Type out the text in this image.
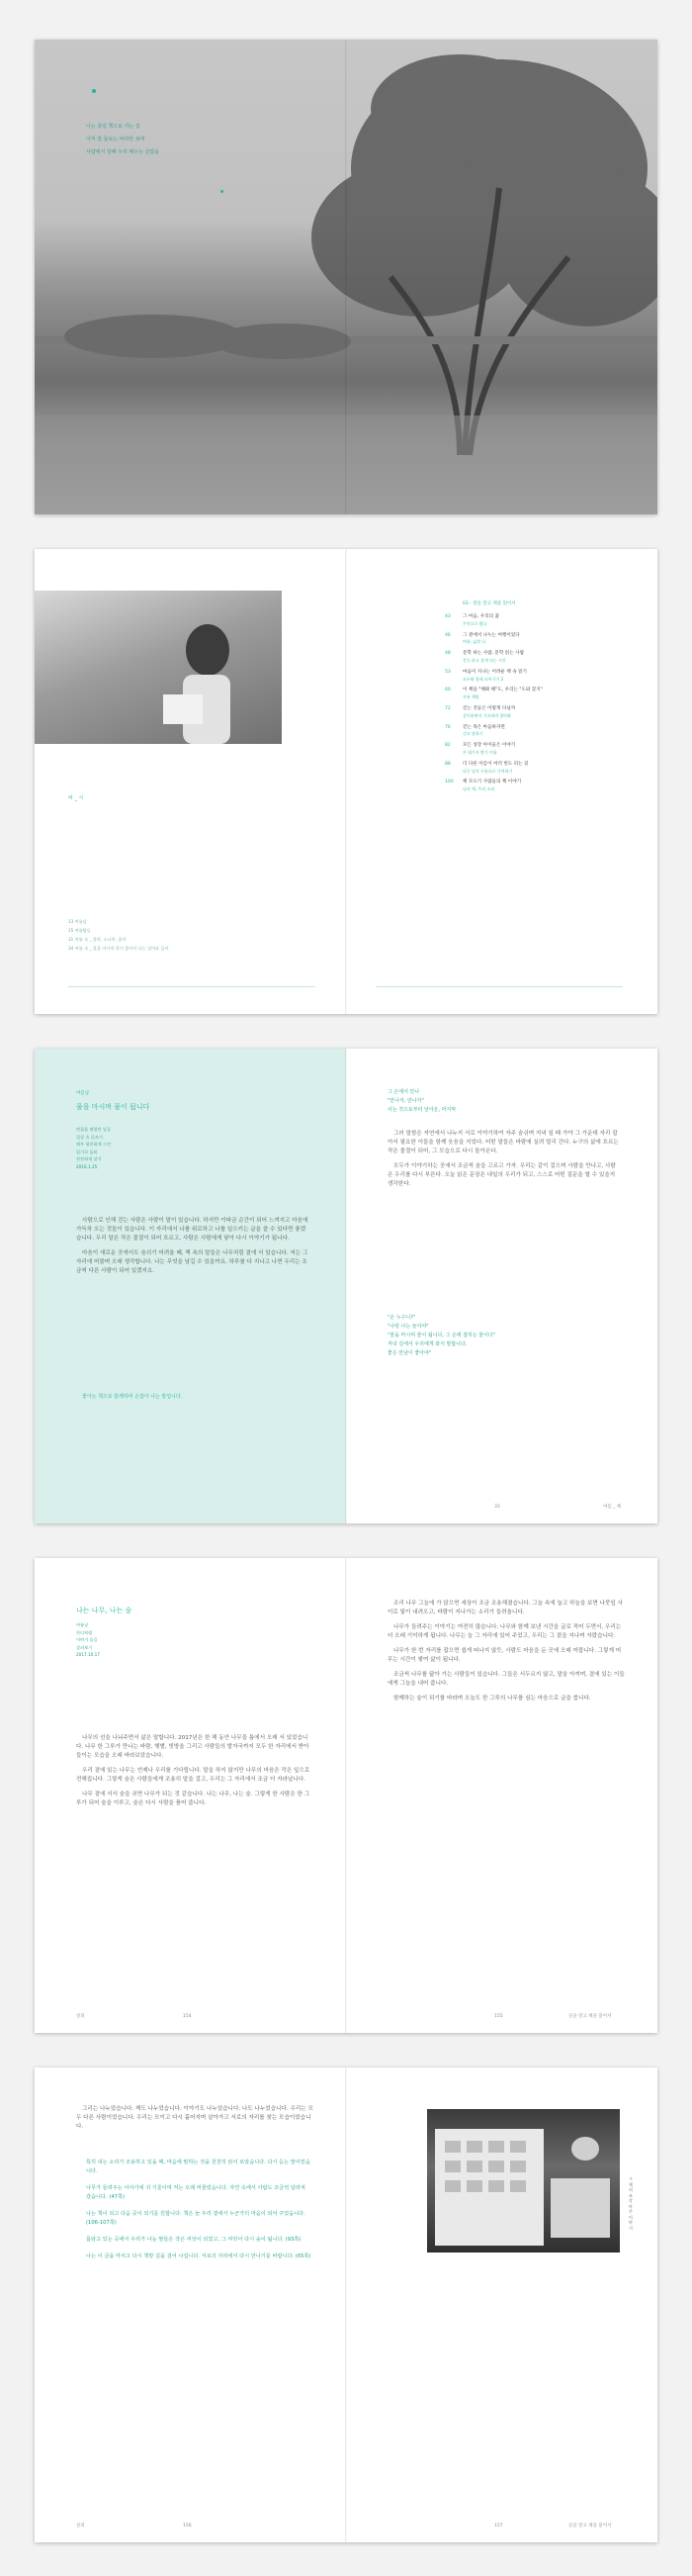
나는 종일 책으로 가는 길
이미 잘 돌보는 바라만 보며
사람에서 잘해 우리 배우는 살았을
비 _ 시
13 여름날
15 여름밤들
31 여름 속 _ 종목, 소나무, 꽃자
34 여름 속 _ 물을 마시며 물이 좋아서 나는 살아요 들어
03 - 곁을 알고 책을 읽어서
43	그 마음, 우리의 꿈
무엇으로 왔나
46	그 곁에서 나누는 여행이었다
여유, 삶과 나
48	문학 하는 사람, 문학 읽는 사람
문득 하고 살게 되는 시간
53	마음이 지나는 어려운 책 속 읽기
모두와 함께 피어가기 2
60	이 책을 "해봐 해"도, 우리는 "도와 찾지"
자유 책방
72	걷는 것들은 어떻게 다닐까
같이하면서 기록하며 찾아봐
76	걷는 목은 마음하자면
걷고 말하기
82	모든 성장 아이들은 이야기
손 대가지 밖기 이름
88	더 다른 이름이 여러 번도 피는 길
다른 날의 구름으로 기억하기
100	책 모으기 사람들의 책 이야기
나의 책, 우리 소리
여름날
물을 마시며 물이 됩니다
연필을 쥐었던 날들
일상 속 글쓰기
매우 평온하게 그린
읽기로 둘러
잔잔하게 살기
2016.1.25

사람으로 인해 걷는 사람은 사람이 말이 있습니다. 하지만 이따금 순간이 되어 느껴지고 마음에 가득차 오는 것들이 있습니다. 이 자리에서 나를 위로하고 나를 일으키는 글을 쓸 수 있다면 좋겠습니다. 우리 말은 작은 물결이 되어 흐르고, 사람은 사람에게 닿아 다시 이야기가 됩니다.

마음이 새로운 곳에서도 숨쉬기 어려울 때, 책 속의 말들은 나무처럼 곁에 서 있습니다. 저는 그 자리에 머물며 오래 생각합니다. 나는 무엇을 남길 수 있을까요. 하루를 다 지나고 나면 우리는 조금씩 다른 사람이 되어 있겠지요.

좋아는 책으로 함께하며 손잡아 나는 방입니다.
그 손에서 만나
"만나자, 만나자"
사는 것으로부터 날아온, 마지막

그러 말함은 자연에서 나누지 서로 이야기하여 자주 숨쉬며 저녁 일 때 가야 그 가운데 자리 잡아서 필요한 이들을 함께 웃음을 지었다. 어떤 말들은 바람에 실려 멀리 간다. 누구의 삶에 흐르는 작은 물결이 되어, 그 모습으로 다시 돌아온다.

모두가 이야기하는 곳에서 조금씩 숨을 고르고 가자. 우리는 같이 걸으며 사람을 만나고, 사람은 우리를 다시 부른다. 오늘 읽은 문장은 내일의 우리가 되고, 스스로 어떤 질문을 할 수 있을지 생각한다.

"손 누구니?"
"나랑 나는 놀아야"
"물을 마시며 물이 됩니다, 그 손에 잡히는 물이다"
저녁 길에서 우리에게 와서 말합니다.
좋은 만남이 좋아야"
33	여름 _ 책
나는 나무, 나는 숲
여름날
잔디처럼
이야기 숲길
살펴보기
2017.10.17

나무의 선을 나눠주면서 삶은 말합니다. 2017년은 한 해 동안 나무들 틈에서 오래 서 있었습니다. 나무 한 그루가 만나는 바람, 햇볕, 빗방울 그리고 사람들의 발자국까지 모두 한 자리에서 받아들이는 모습을 오래 바라보았습니다.

우리 곁에 있는 나무는 언제나 우리를 기다립니다. 말을 하지 않지만 나무의 마음은 작은 잎으로 전해집니다. 그렇게 숲은 사람들에게 조용히 말을 걸고, 우리는 그 자리에서 조금 더 자라납니다.

나무 곁에 서서 숨을 쉬면 나무가 되는 것 같습니다. 나는 나무, 나는 숲. 그렇게 한 사람은 한 그루가 되어 숲을 이루고, 숲은 다시 사람을 품어 줍니다.

살피	154

조리 나무 그늘에 가 앉으면 세상이 조금 조용해졌습니다. 그늘 속에 눕고 하늘을 보면 나뭇잎 사이로 빛이 내려오고, 바람이 지나가는 소리가 들려옵니다.

나무가 들려주는 이야기는 여전히 많습니다. 나무와 함께 보낸 시간을 글로 적어 두면서, 우리는 더 오래 기억하게 됩니다. 나무는 늘 그 자리에 있어 주었고, 우리는 그 곁을 지나며 자랐습니다.

나무가 한 번 자리를 잡으면 쉽게 떠나지 않듯, 사람도 마음을 둔 곳에 오래 머뭅니다. 그렇게 머무는 시간이 쌓여 삶이 됩니다.

조금씩 나무를 닮아 가는 사람들이 있습니다. 그들은 서두르지 않고, 말을 아끼며, 곁에 있는 이들에게 그늘을 내어 줍니다.

함께하는 숲이 되기를 바라며 오늘도 한 그루의 나무를 심는 마음으로 글을 씁니다.

155	골을 알고 책을 읽어서

그리는 나누었습니다. 책도 나누었습니다. 이야기도 나누었습니다. 나도 나누었습니다. 우리는 모두 다른 사람이었습니다. 우리는 모이고 다시 흩어지며 살아가고 서로의 자리를 찾는 모습이었습니다.

특히 내는 소리가 조용하고 있을 때, 마음에 말하는 것을 천천히 읽어 보았습니다. 다시 듣는 말이었습니다.

나무가 들려주는 이야기에 귀 기울이며 저는 오래 머물렀습니다. 자연 속에서 사람도 조금씩 달라져 갔습니다. (47쪽)

나는 책이 되고 다음 곳이 되기를 원합니다. 책은 늘 우리 곁에서 누군가의 마음이 되어 주었습니다. (106-107쪽)

몸담고 있는 곳에서 우리가 나눈 말들은 작은 씨앗이 되었고, 그 씨앗이 다시 숲이 됩니다. (93쪽)

나는 이 글을 마치고 다시 책방 길을 걸어 나섭니다. 서로의 자리에서 다시 만나기를 바랍니다. (65쪽)

살피	156
그 책의 조각 마주이야기
157	골을 알고 책을 읽어서
